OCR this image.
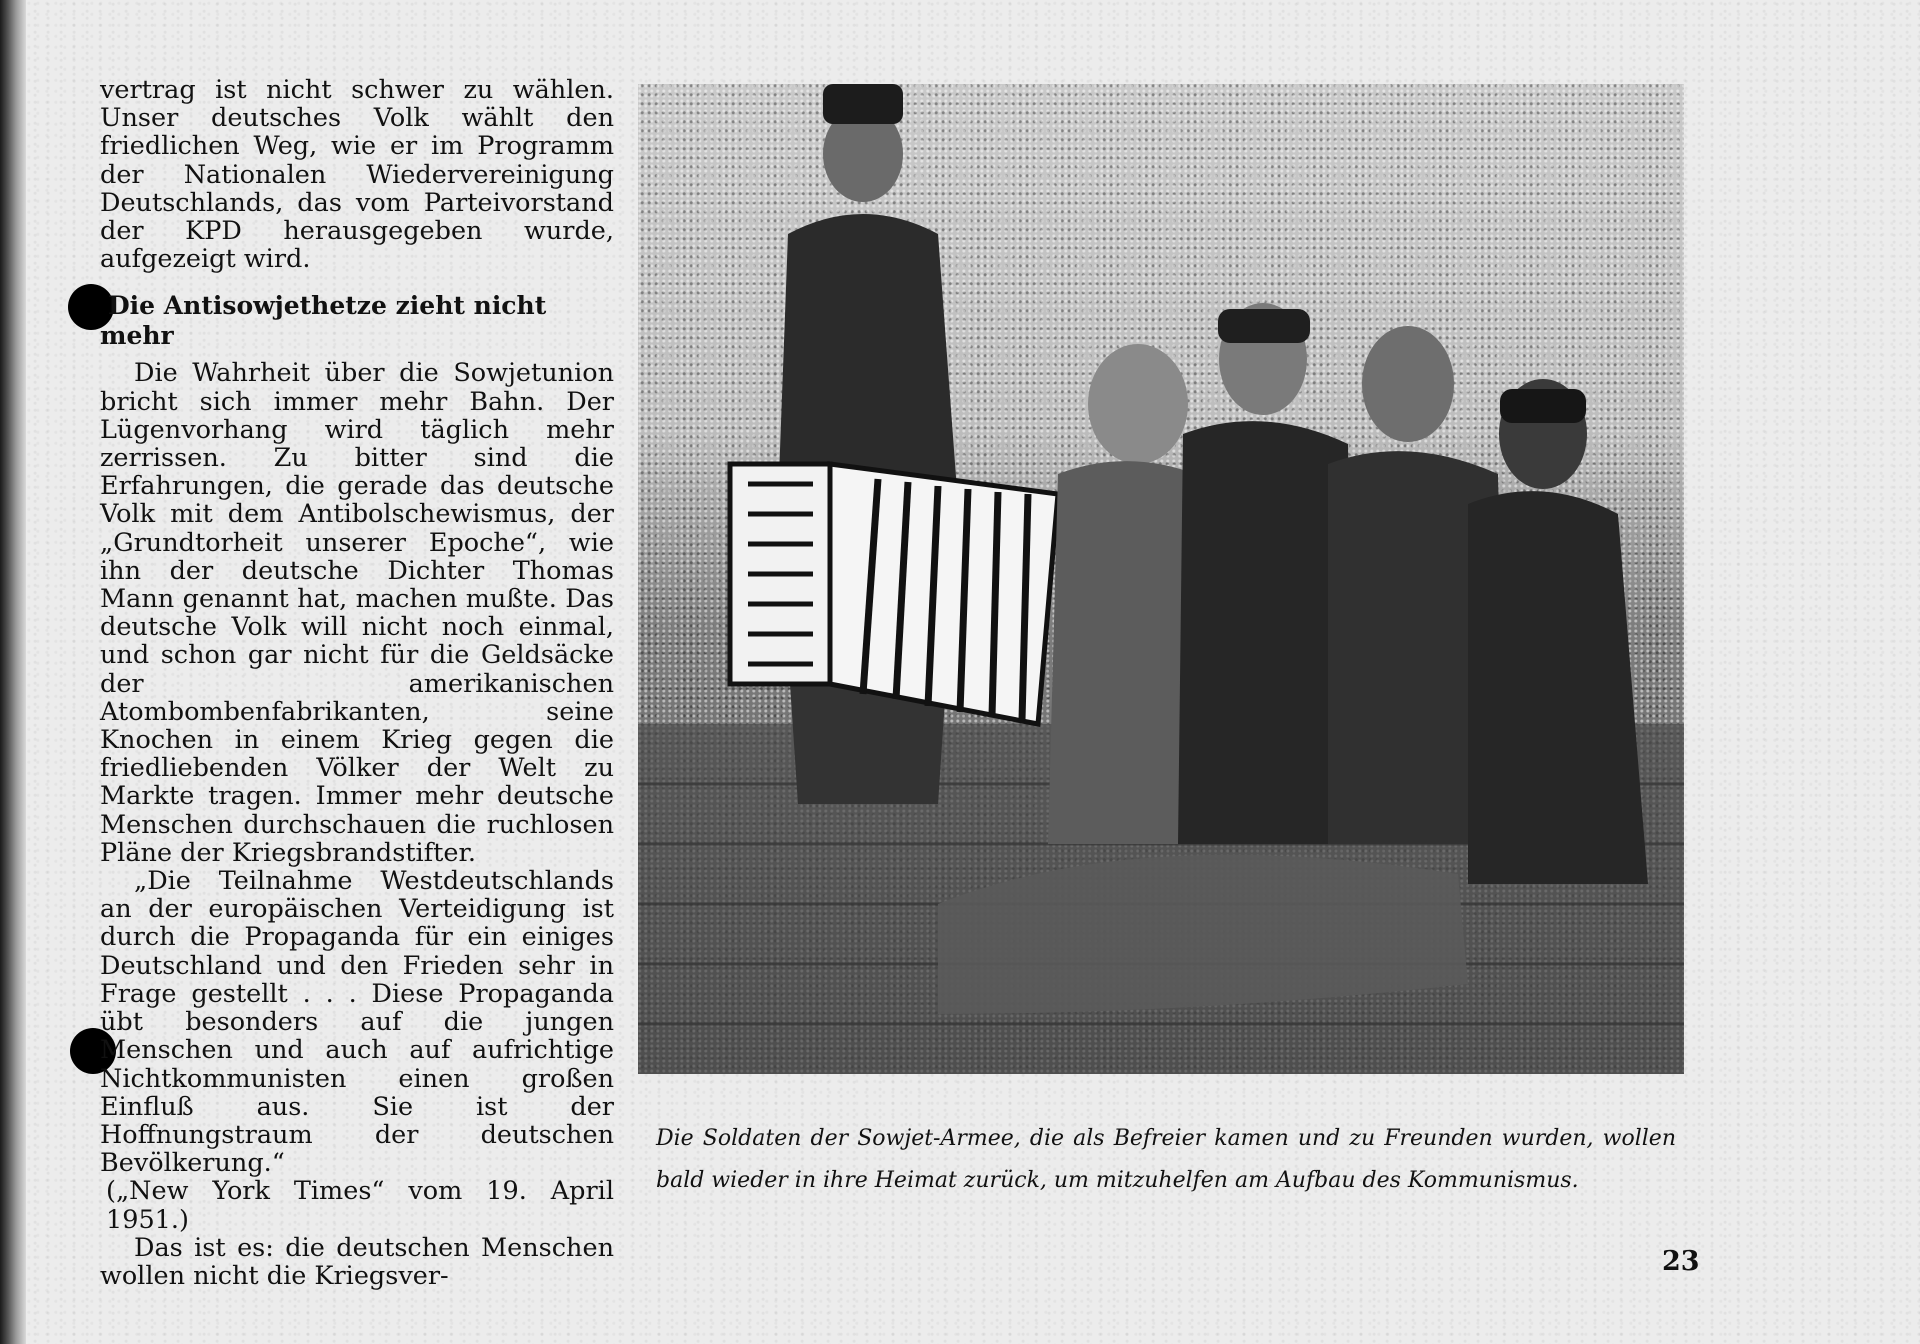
vertrag ist nicht schwer zu wählen. Unser deutsches Volk wählt den friedlichen Weg, wie er im Programm der Nationalen Wiedervereinigung Deutschlands, das vom Parteivorstand der KPD herausgegeben wurde, aufgezeigt wird.

Die Antisowjethetze zieht nicht mehr

Die Wahrheit über die Sowjetunion bricht sich immer mehr Bahn. Der Lügenvorhang wird täglich mehr zerrissen. Zu bitter sind die Erfahrungen, die gerade das deutsche Volk mit dem Antibolschewismus, der „Grundtorheit unserer Epoche“, wie ihn der deutsche Dichter Thomas Mann genannt hat, machen mußte. Das deutsche Volk will nicht noch einmal, und schon gar nicht für die Geldsäcke der amerikanischen Atombombenfabrikanten, seine Knochen in einem Krieg gegen die friedliebenden Völker der Welt zu Markte tragen. Immer mehr deutsche Menschen durchschauen die ruchlosen Pläne der Kriegsbrandstifter.

„Die Teilnahme Westdeutschlands an der europäischen Verteidigung ist durch die Propaganda für ein einiges Deutschland und den Frieden sehr in Frage gestellt . . . Diese Propaganda übt besonders auf die jungen Menschen und auch auf aufrichtige Nichtkommunisten einen großen Einfluß aus. Sie ist der Hoffnungstraum der deutschen Bevölkerung.“

(„New York Times“ vom 19. April 1951.)

Das ist es: die deutschen Menschen wollen nicht die Kriegsver-

Die Soldaten der Sowjet-Armee, die als Befreier kamen und zu Freunden wurden, wollen bald wieder in ihre Heimat zurück, um mitzuhelfen am Aufbau des Kommunismus.
23
